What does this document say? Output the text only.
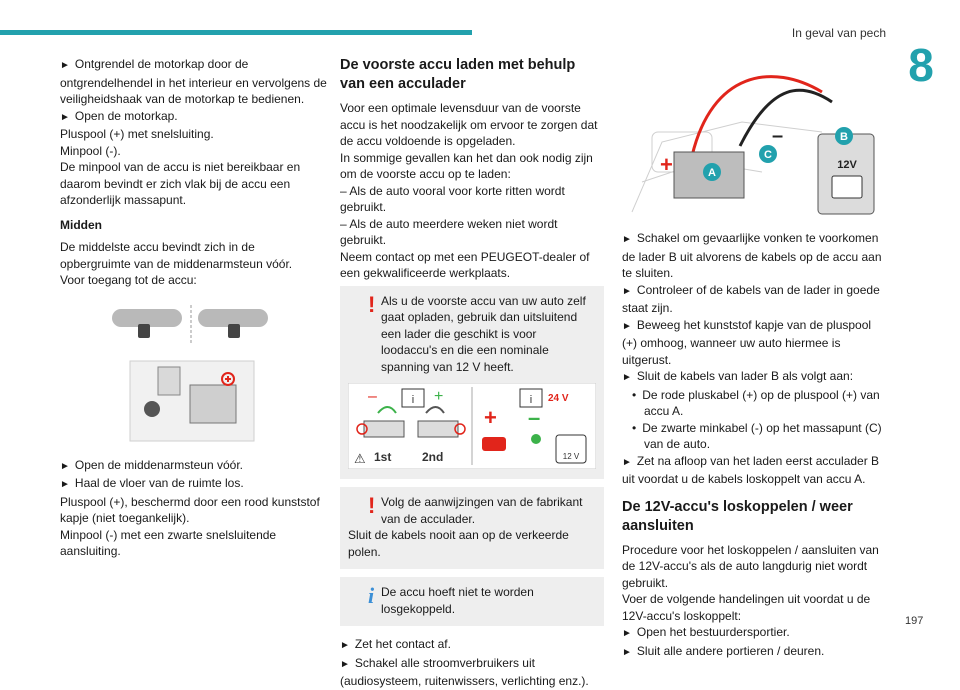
In geval van pech
8

► Ontgrendel de motorkap door de ontgrendelhendel in het interieur en vervolgens de veiligheidshaak van de motorkap te bedienen.

► Open de motorkap.

Pluspool (+) met snelsluiting.

Minpool (-).

De minpool van de accu is niet bereikbaar en daarom bevindt er zich vlak bij de accu een afzonderlijk massapunt.

Midden

De middelste accu bevindt zich in de opbergruimte van de middenarmsteun vóór.

Voor toegang tot de accu:

► Open de middenarmsteun vóór.

► Haal de vloer van de ruimte los.

Pluspool (+), beschermd door een rood kunststof kapje (niet toegankelijk).

Minpool (-) met een zwarte snelsluitende aansluiting.

De voorste accu laden met behulp van een acculader

Voor een optimale levensduur van de voorste accu is het noodzakelijk om ervoor te zorgen dat de accu voldoende is opgeladen.

In sommige gevallen kan het dan ook nodig zijn om de voorste accu op te laden:

– Als de auto vooral voor korte ritten wordt gebruikt.

– Als de auto meerdere weken niet wordt gebruikt.

Neem contact op met een PEUGEOT-dealer of een gekwalificeerde werkplaats.

! Als u de voorste accu van uw auto zelf gaat opladen, gebruik dan uitsluitend een lader die geschikt is voor loodaccu's en die een nominale spanning van 12 V heeft.

i
–	+
⚠ 1st	2nd
i 24 V
+ –
12 V
! Volg de aanwijzingen van de fabrikant van de acculader.

Sluit de kabels nooit aan op de verkeerde polen.

i De accu hoeft niet te worden losgekoppeld.

► Zet het contact af.

► Schakel alle stroomverbruikers uit (audiosysteem, ruitenwissers, verlichting enz.).

+
–
A
C
12V
B

► Schakel om gevaarlijke vonken te voorkomen de lader B uit alvorens de kabels op de accu aan te sluiten.

► Controleer of de kabels van de lader in goede staat zijn.

► Beweeg het kunststof kapje van de pluspool (+) omhoog, wanneer uw auto hiermee is uitgerust.

► Sluit de kabels van lader B als volgt aan:

• De rode pluskabel (+) op de pluspool (+) van accu A.
• De zwarte minkabel (-) op het massapunt (C) van de auto.

► Zet na afloop van het laden eerst acculader B uit voordat u de kabels loskoppelt van accu A.

De 12V-accu's loskoppelen / weer aansluiten

Procedure voor het loskoppelen / aansluiten van de 12V-accu's als de auto langdurig niet wordt gebruikt.

Voer de volgende handelingen uit voordat u de 12V-accu's loskoppelt:

► Open het bestuurdersportier.

► Sluit alle andere portieren / deuren.

197
